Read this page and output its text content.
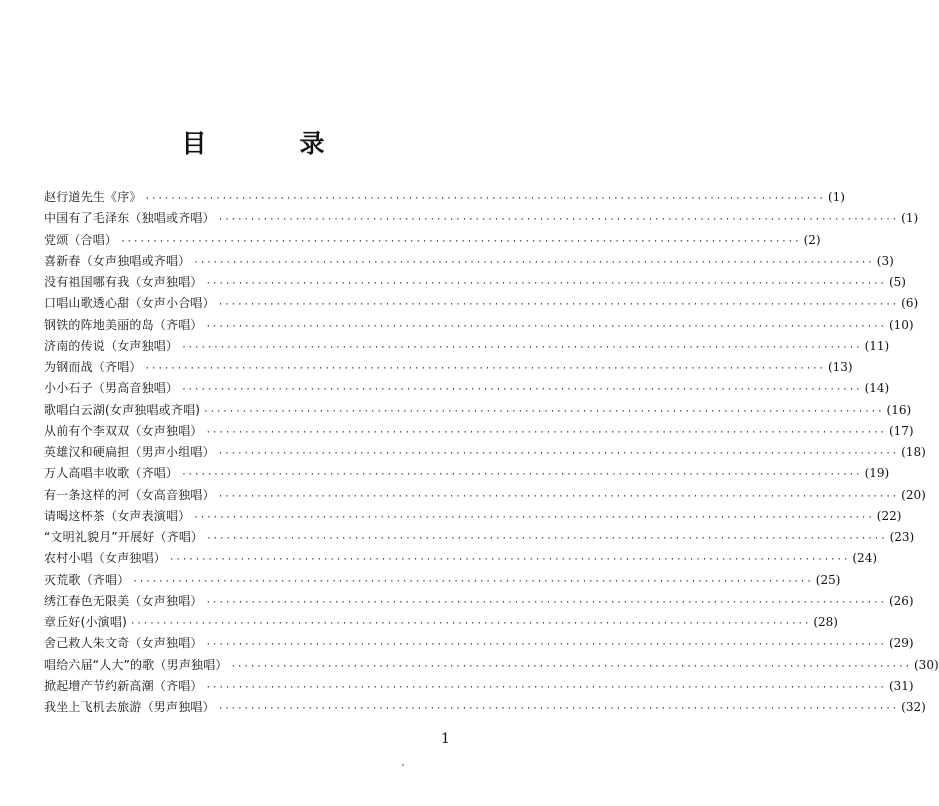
目　录
赵行道先生《序》 ·········································································································· (1)
中国有了毛泽东（独唱或齐唱） ·········································································································· (1)
党颂（合唱） ·········································································································· (2)
喜新春（女声独唱或齐唱） ·········································································································· (3)
没有祖国哪有我（女声独唱） ·········································································································· (5)
口唱山歌透心甜（女声小合唱） ·········································································································· (6)
钢铁的阵地美丽的岛（齐唱） ·········································································································· (10)
济南的传说（女声独唱） ·········································································································· (11)
为钢而战（齐唱） ·········································································································· (13)
小小石子（男高音独唱） ·········································································································· (14)
歌唱白云湖(女声独唱或齐唱) ·········································································································· (16)
从前有个李双双（女声独唱） ·········································································································· (17)
英雄汉和硬扁担（男声小组唱） ·········································································································· (18)
万人高唱丰收歌（齐唱） ·········································································································· (19)
有一条这样的河（女高音独唱） ·········································································································· (20)
请喝这杯茶（女声表演唱） ·········································································································· (22)
“文明礼貌月”开展好（齐唱） ·········································································································· (23)
农村小唱（女声独唱） ·········································································································· (24)
灭荒歌（齐唱） ·········································································································· (25)
绣江春色无限美（女声独唱） ·········································································································· (26)
章丘好(小演唱) ·········································································································· (28)
舍己救人朱文奇（女声独唱） ·········································································································· (29)
唱给六届“人大”的歌（男声独唱） ·········································································································· (30)
掀起增产节约新高潮（齐唱） ·········································································································· (31)
我坐上飞机去旅游（男声独唱） ·········································································································· (32)
1
